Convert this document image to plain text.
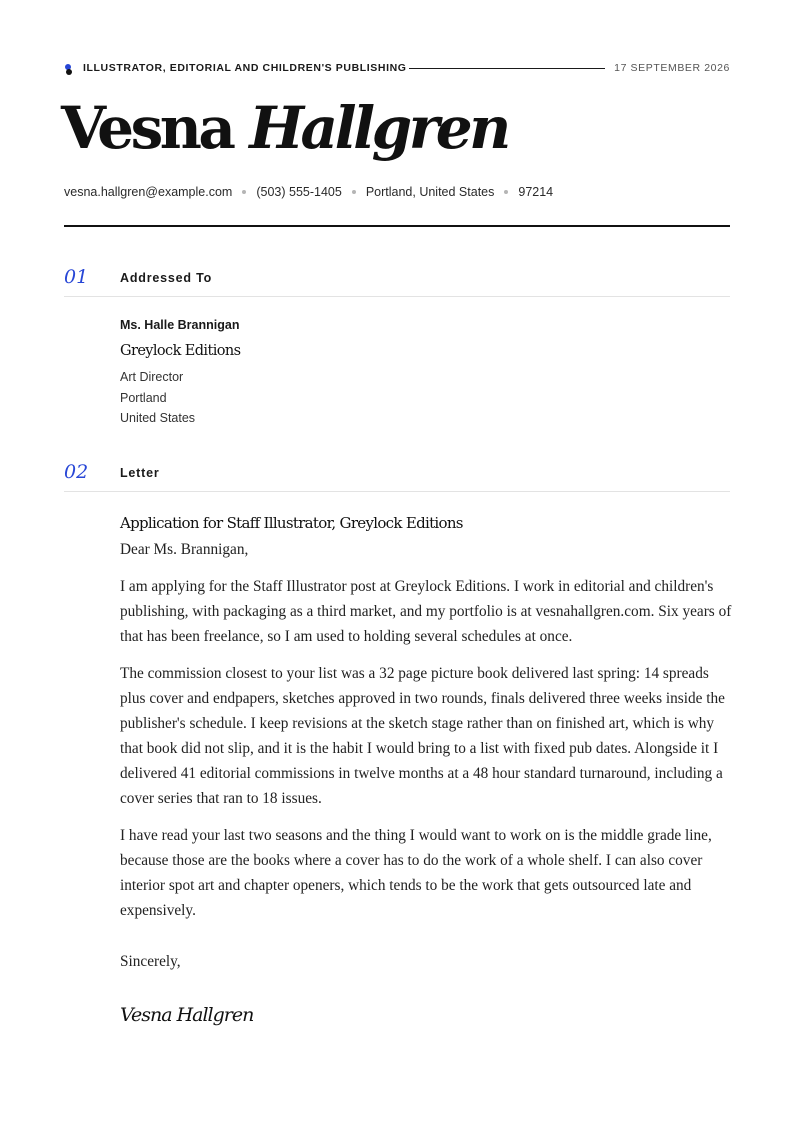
ILLUSTRATOR, EDITORIAL AND CHILDREN'S PUBLISHING	17 SEPTEMBER 2026
Vesna Hallgren
vesna.hallgren@example.com (503) 555-1405 Portland, United States 97214
01	Addressed To
Ms. Halle Brannigan
Greylock Editions
Art Director
Portland
United States
02	Letter
Application for Staff Illustrator, Greylock Editions

Dear Ms. Brannigan,

I am applying for the Staff Illustrator post at Greylock Editions. I work in editorial and children's publishing, with packaging as a third market, and my portfolio is at vesnahallgren.com. Six years of that has been freelance, so I am used to holding several schedules at once.

The commission closest to your list was a 32 page picture book delivered last spring: 14 spreads plus cover and endpapers, sketches approved in two rounds, finals delivered three weeks inside the publisher's schedule. I keep revisions at the sketch stage rather than on finished art, which is why that book did not slip, and it is the habit I would bring to a list with fixed pub dates. Alongside it I delivered 41 editorial commissions in twelve months at a 48 hour standard turnaround, including a cover series that ran to 18 issues.

I have read your last two seasons and the thing I would want to work on is the middle grade line, because those are the books where a cover has to do the work of a whole shelf. I can also cover interior spot art and chapter openers, which tends to be the work that gets outsourced late and expensively.

Sincerely,

Vesna Hallgren
